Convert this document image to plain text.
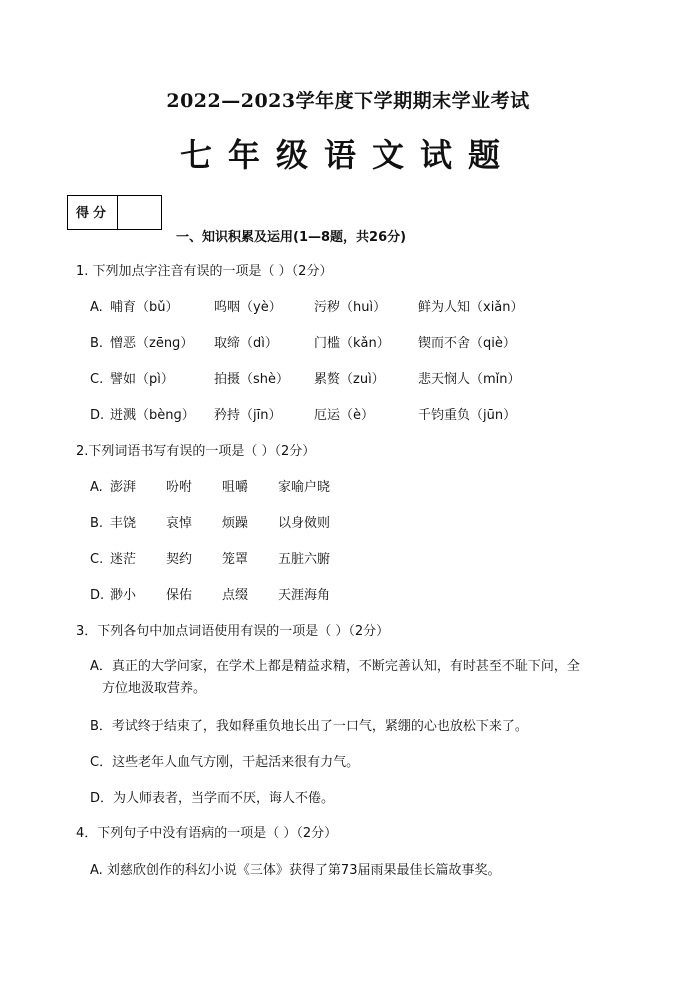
2022—2023学年度下学期期末学业考试
七年级语文试题
得分
一、知识积累及运用(1—8题，共26分)
1. 下列加点字注音有误的一项是（ ）（2分）
A. 哺育（bǔ）	呜咽（yè） 污秽（huì） 鲜为人知（xiǎn）
B. 憎恶（zēnɡ） 取缔（dì）	门槛（kǎn） 锲而不舍（qiè）
C. 譬如（pì）	拍摄（shè） 累赘（zuì）	悲天悯人（mǐn）
D. 迸溅（bènɡ） 矜持（jīn）	厄运（è）	千钧重负（jūn）
2.下列词语书写有误的一项是（ ）（2分）
A. 澎湃 吩咐 咀嚼 家喻户晓
B. 丰饶 哀悼 烦躁 以身傚则
C. 迷茫 契约 笼罩 五脏六腑
D. 渺小 保佑 点缀 天涯海角
3．下列各句中加点词语使用有误的一项是（ ）（2分）
A．真正的大学问家，在学术上都是精益求精，不断完善认知，有时甚至不耻下问，全
方位地汲取营养。
B．考试终于结束了，我如释重负地长出了一口气，紧绷的心也放松下来了。
C．这些老年人血气方刚，干起活来很有力气。
D．为人师表者，当学而不厌，诲人不倦。
4．下列句子中没有语病的一项是（ ）（2分）
A. 刘慈欣创作的科幻小说《三体》获得了第73届雨果最佳长篇故事奖。
